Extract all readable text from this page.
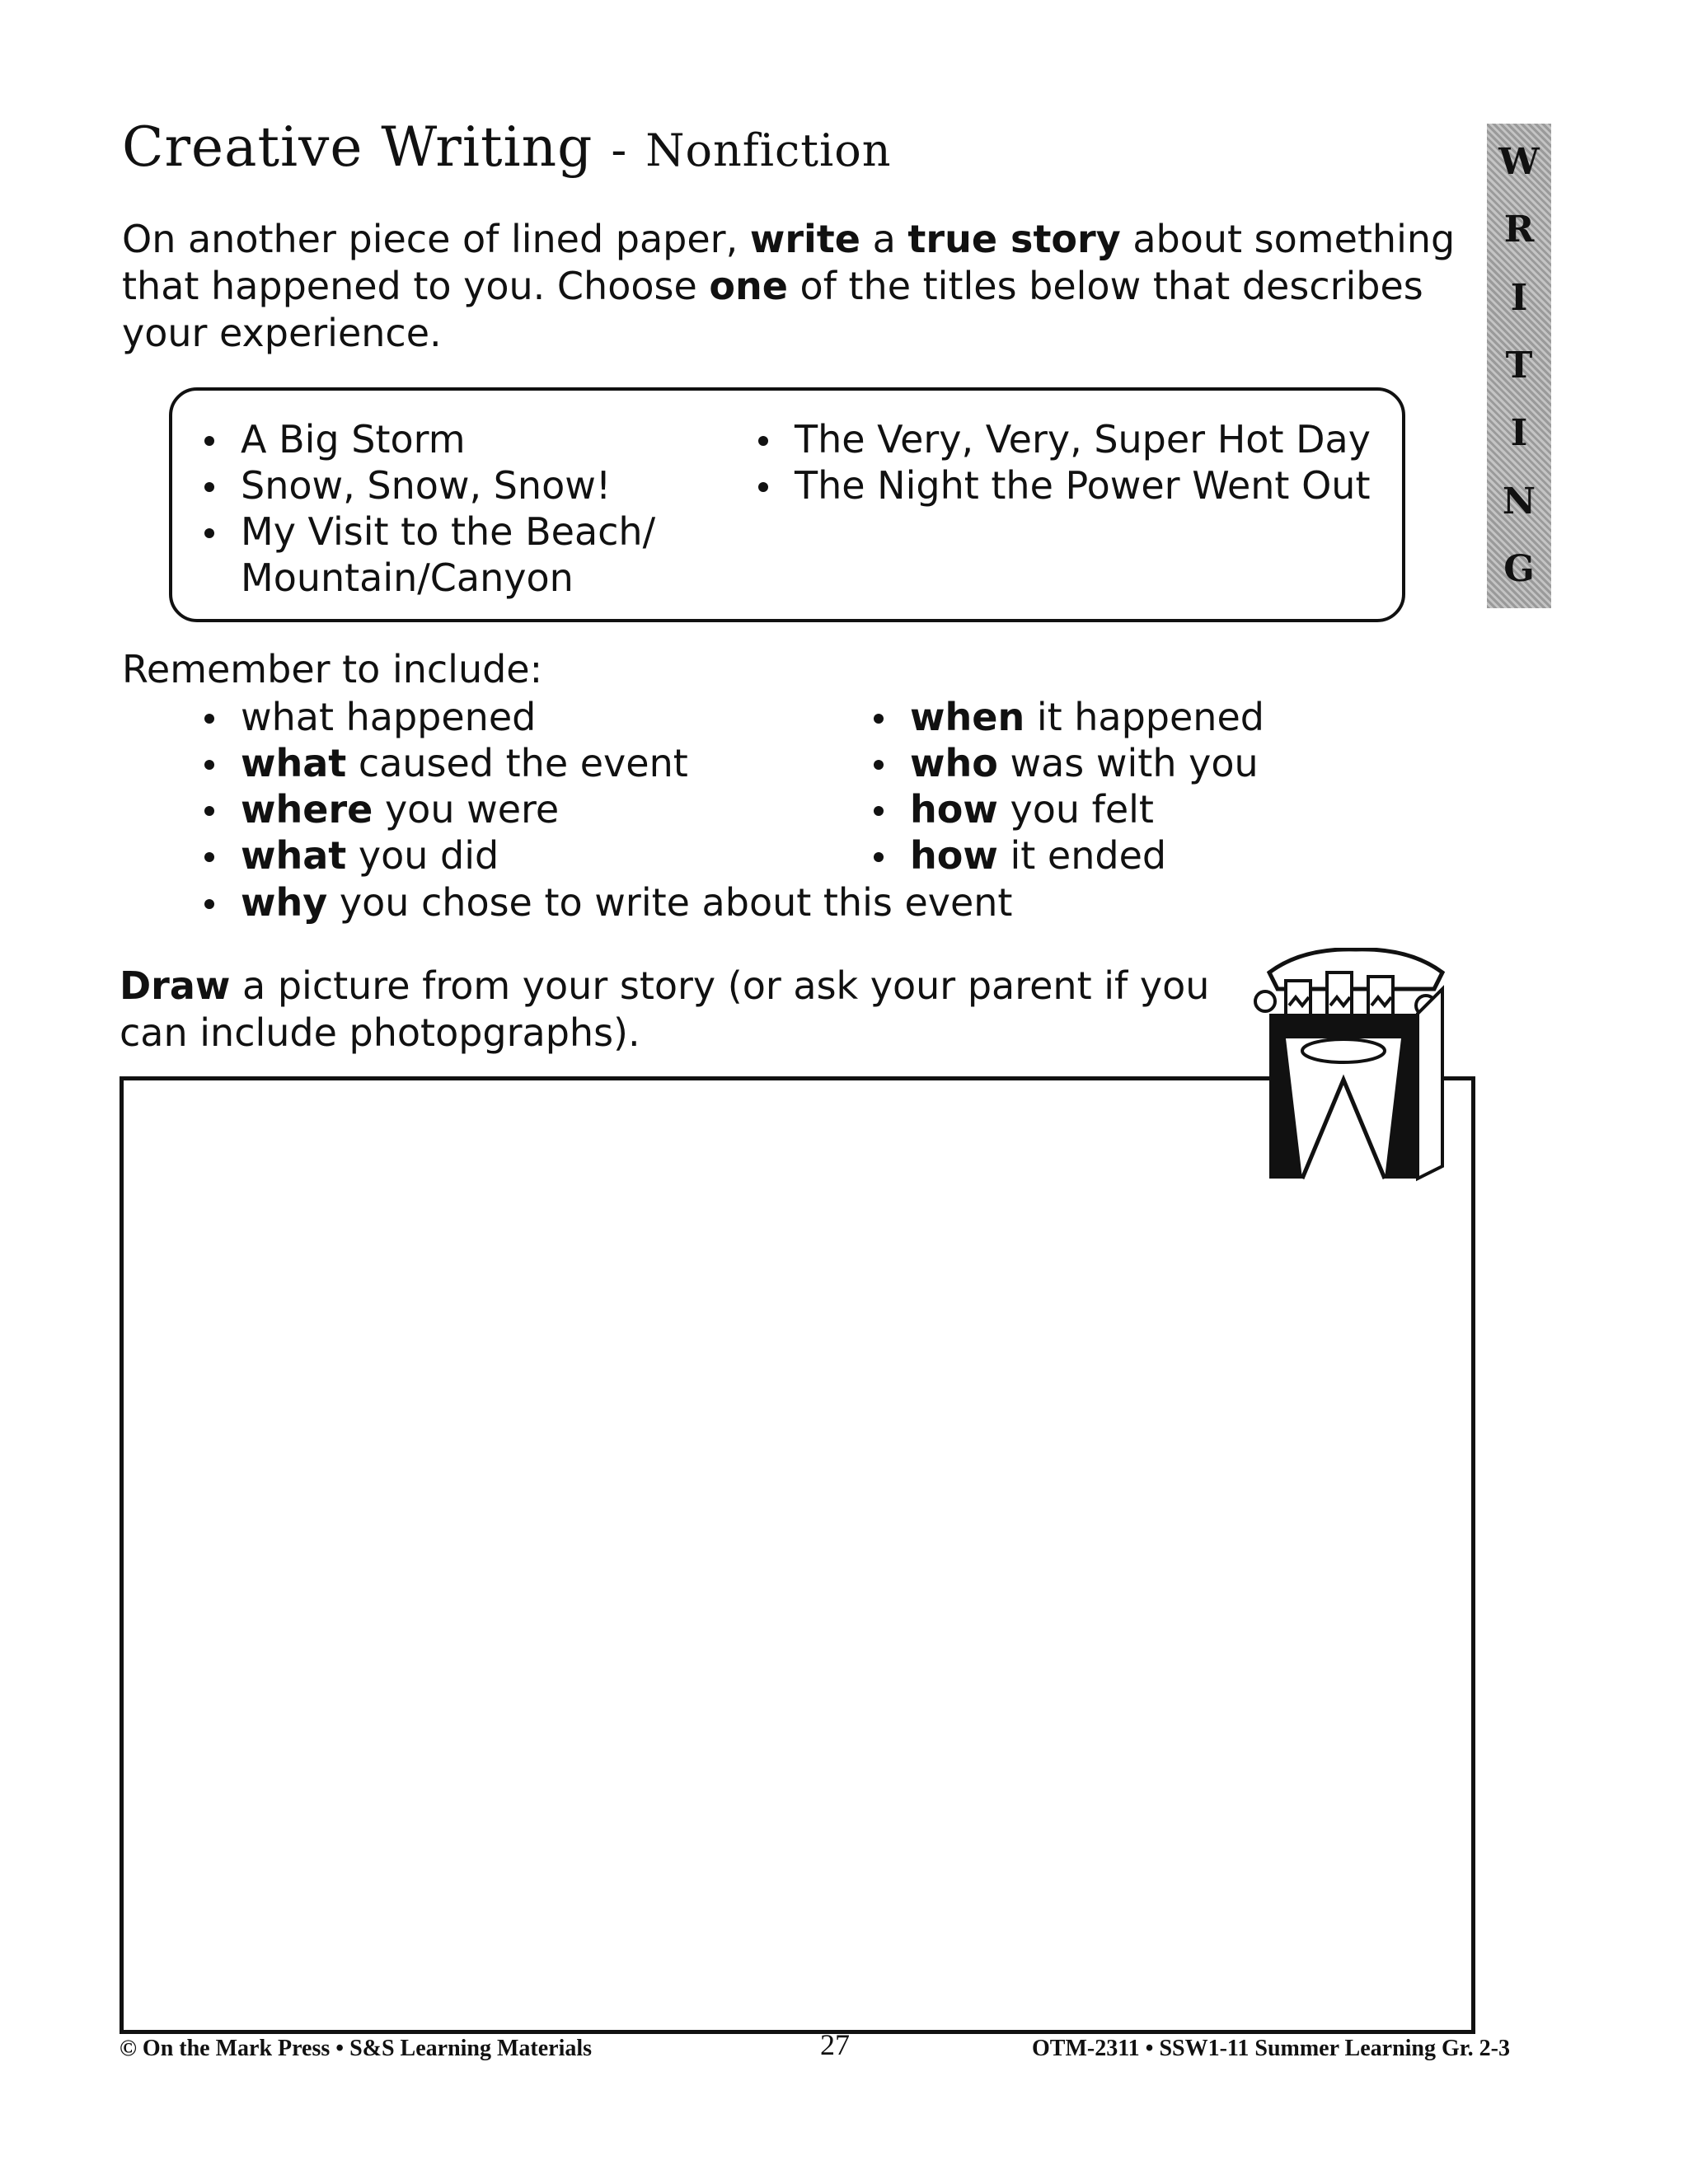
Creative Writing - Nonfiction	W
R
I
T
I
N
G
On another piece of lined paper, write a true story about something that happened to you. Choose one of the titles below that describes your experience.
A Big Storm
Snow, Snow, Snow!
My Visit to the Beach/ Mountain/Canyon
The Very, Very, Super Hot Day
The Night the Power Went Out
Remember to include:
what happened
what caused the event
where you were
what you did
when it happened
who was with you
how you felt
how it ended
why you chose to write about this event
Draw a picture from your story (or ask your parent if you can include photopgraphs).
© On the Mark Press • S&S Learning Materials	27	OTM-2311 • SSW1-11 Summer Learning Gr. 2-3
